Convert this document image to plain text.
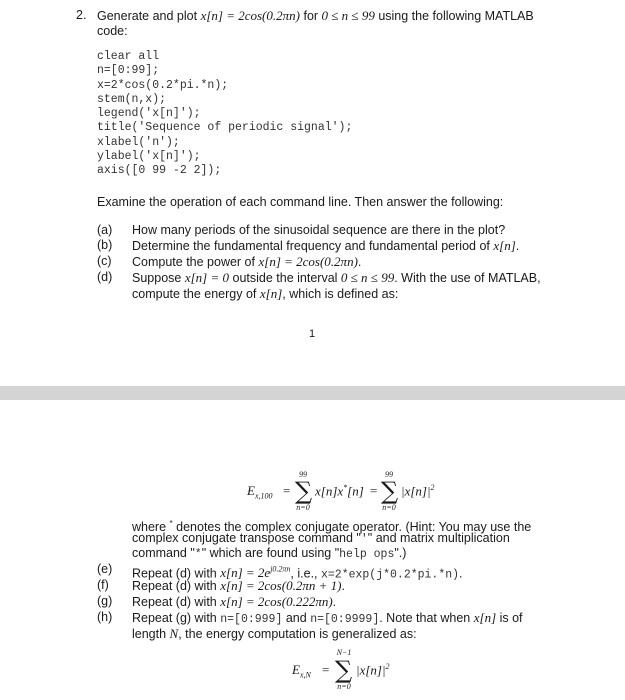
2. Generate and plot x[n] = 2cos(0.2πn) for 0 ≤ n ≤ 99 using the following MATLAB
code:
clear all
n=[0:99];
x=2*cos(0.2*pi.*n);
stem(n,x);
legend('x[n]');
title('Sequence of periodic signal');
xlabel('n');
ylabel('x[n]');
axis([0 99 -2 2]);
Examine the operation of each command line. Then answer the following:
(a) How many periods of the sinusoidal sequence are there in the plot?
(b) Determine the fundamental frequency and fundamental period of x[n].
(c) Compute the power of x[n] = 2cos(0.2πn).
(d) Suppose x[n] = 0 outside the interval 0 ≤ n ≤ 99. With the use of MATLAB,
compute the energy of x[n], which is defined as:
1
$E_{x,100}$ =
99
∑
n=0
x[n]x*[n] =
99
∑
n=0
$|x[n]|^2$
where * denotes the complex conjugate operator. (Hint: You may use the
complex conjugate transpose command "'" and matrix multiplication
command "*" which are found using "help ops".)
(e) Repeat (d) with $x[n] = 2e^{j0.2\pi n}$, i.e., x=2*exp(j*0.2*pi.*n).
(f) Repeat (d) with x[n] = 2cos(0.2πn + 1).
(g) Repeat (d) with x[n] = 2cos(0.222πn).
(h) Repeat (g) with n=[0:999] and n=[0:9999]. Note that when x[n] is of
length N, the energy computation is generalized as:
$E_{x,N}$ =
N−1
∑
n=0
$|x[n]|^2$
